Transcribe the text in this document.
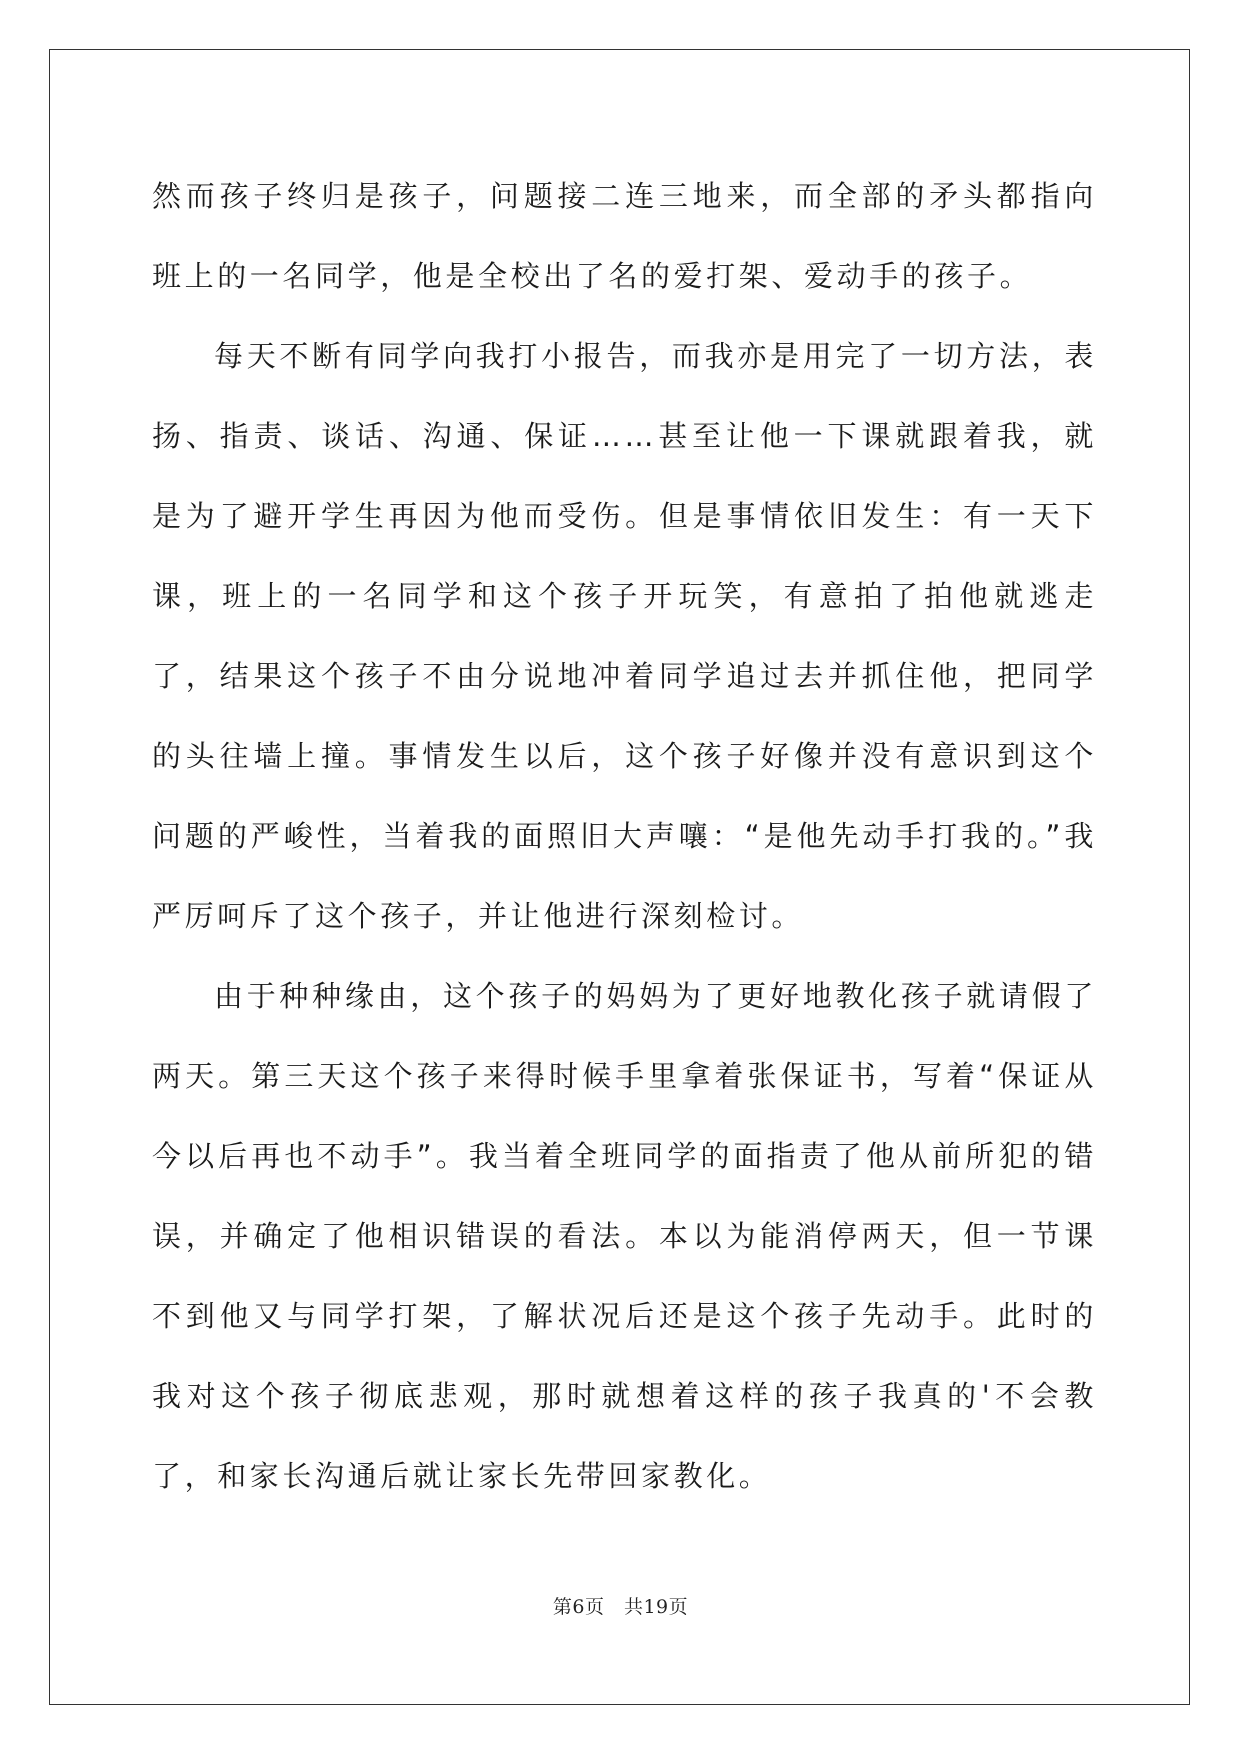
然而孩子终归是孩子，问题接二连三地来，而全部的矛头都指向班上的一名同学，他是全校出了名的爱打架、爱动手的孩子。

每天不断有同学向我打小报告，而我亦是用完了一切方法，表扬、指责、谈话、沟通、保证……甚至让他一下课就跟着我，就是为了避开学生再因为他而受伤。但是事情依旧发生：有一天下课，班上的一名同学和这个孩子开玩笑，有意拍了拍他就逃走了，结果这个孩子不由分说地冲着同学追过去并抓住他，把同学的头往墙上撞。事情发生以后，这个孩子好像并没有意识到这个问题的严峻性，当着我的面照旧大声嚷：“是他先动手打我的。”我严厉呵斥了这个孩子，并让他进行深刻检讨。

由于种种缘由，这个孩子的妈妈为了更好地教化孩子就请假了两天。第三天这个孩子来得时候手里拿着张保证书，写着“保证从今以后再也不动手”。我当着全班同学的面指责了他从前所犯的错误，并确定了他相识错误的看法。本以为能消停两天，但一节课不到他又与同学打架，了解状况后还是这个孩子先动手。此时的我对这个孩子彻底悲观，那时就想着这样的孩子我真的'不会教了，和家长沟通后就让家长先带回家教化。

第6页　共19页
